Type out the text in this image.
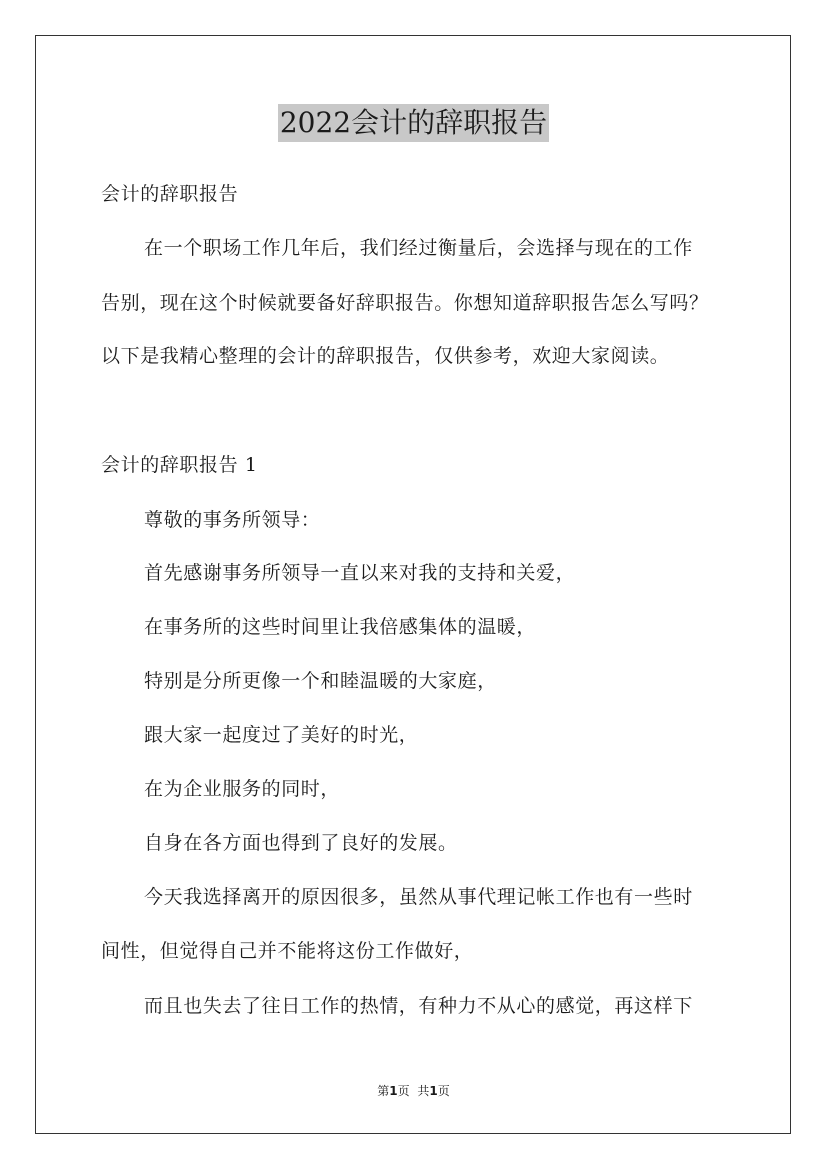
2022会计的辞职报告
会计的辞职报告
在一个职场工作几年后，我们经过衡量后，会选择与现在的工作
告别，现在这个时候就要备好辞职报告。你想知道辞职报告怎么写吗？
以下是我精心整理的会计的辞职报告，仅供参考，欢迎大家阅读。
会计的辞职报告 1
尊敬的事务所领导：
首先感谢事务所领导一直以来对我的支持和关爱，
在事务所的这些时间里让我倍感集体的温暖，
特别是分所更像一个和睦温暖的大家庭，
跟大家一起度过了美好的时光，
在为企业服务的同时，
自身在各方面也得到了良好的发展。
今天我选择离开的原因很多，虽然从事代理记帐工作也有一些时
间性，但觉得自己并不能将这份工作做好，
而且也失去了往日工作的热情，有种力不从心的感觉，再这样下
第1页 共1页
